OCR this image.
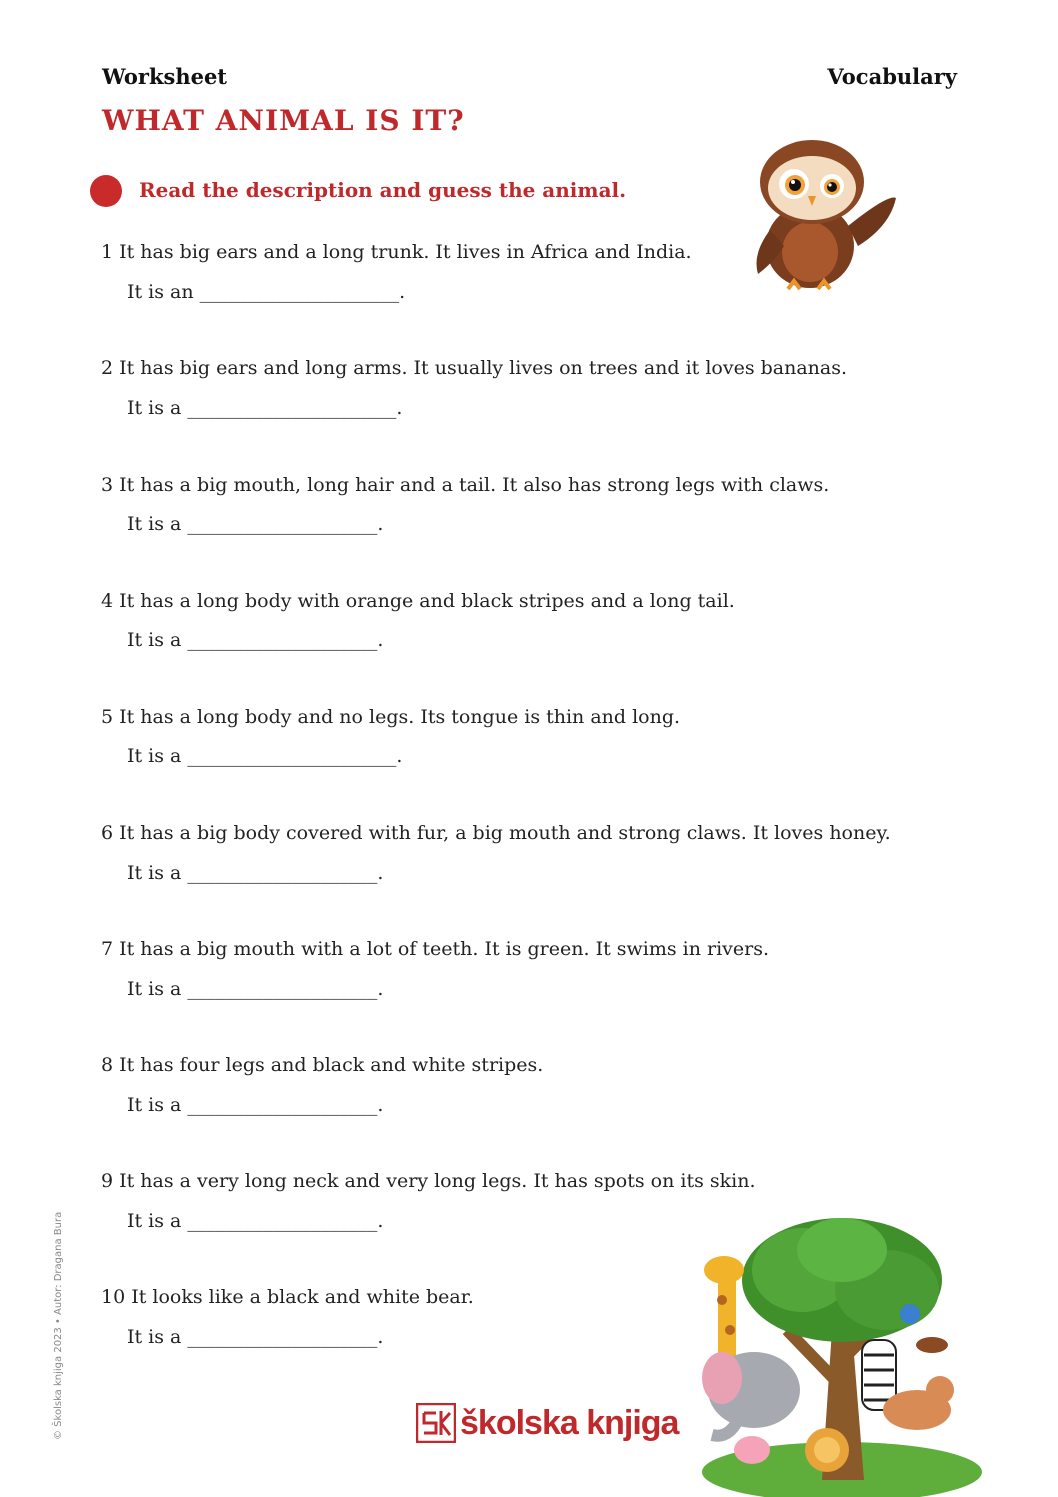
Worksheet	Vocabulary
WHAT ANIMAL IS IT?
Read the description and guess the animal.
1 It has big ears and a long trunk. It lives in Africa and India.
It is an _____________________.
2 It has big ears and long arms. It usually lives on trees and it loves bananas.
It is a ______________________.
3 It has a big mouth, long hair and a tail. It also has strong legs with claws.
It is a ____________________.
4 It has a long body with orange and black stripes and a long tail.
It is a ____________________.
5 It has a long body and no legs. Its tongue is thin and long.
It is a ______________________.
6 It has a big body covered with fur, a big mouth and strong claws. It loves honey.
It is a ____________________.
7 It has a big mouth with a lot of teeth. It is green. It swims in rivers.
It is a ____________________.
8 It has four legs and black and white stripes.
It is a ____________________.
9 It has a very long neck and very long legs. It has spots on its skin.
It is a ____________________.
10 It looks like a black and white bear.
It is a ____________________.
© Školska knjiga 2023 • Autor: Dragana Bura	školska knjiga
